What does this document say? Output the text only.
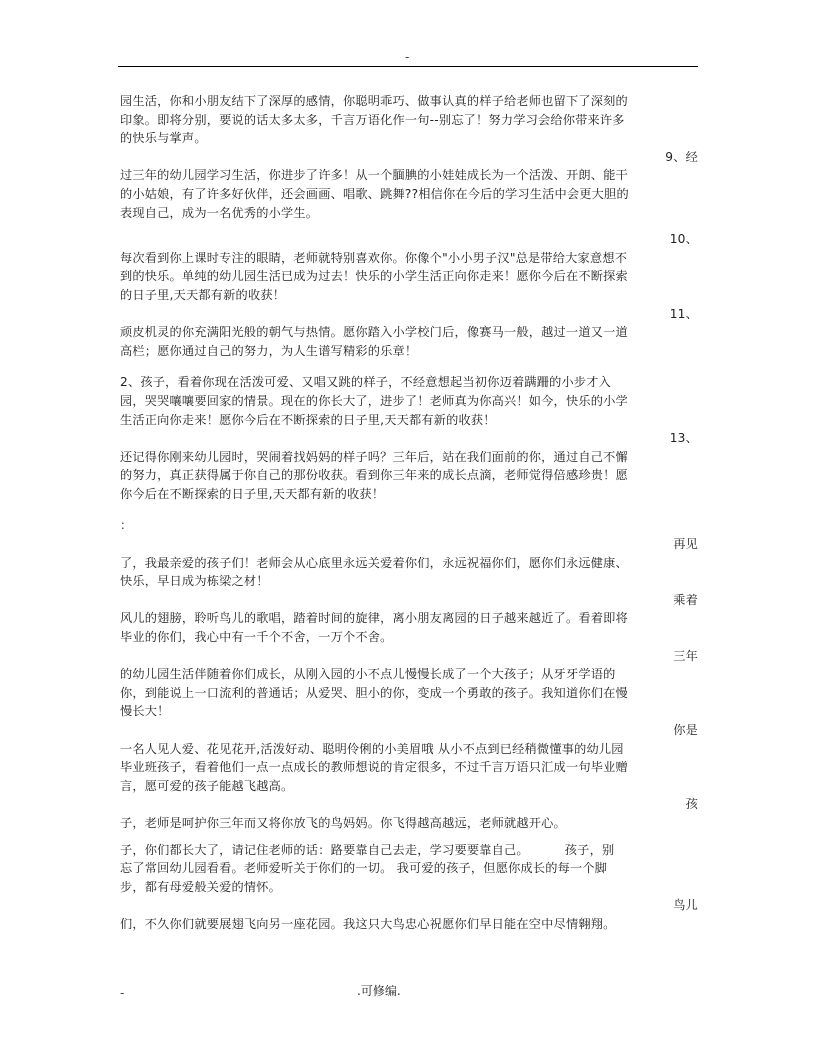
-
园生活，你和小朋友结下了深厚的感情，你聪明乖巧、做事认真的样子给老师也留下了深刻的
印象。即将分别，要说的话太多太多，千言万语化作一句--别忘了！努力学习会给你带来许多
的快乐与掌声。
9、经
过三年的幼儿园学习生活，你进步了许多！从一个腼腆的小娃娃成长为一个活泼、开朗、能干
的小姑娘，有了许多好伙伴，还会画画、唱歌、跳舞??相信你在今后的学习生活中会更大胆的
表现自己，成为一名优秀的小学生。
10、
每次看到你上课时专注的眼睛，老师就特别喜欢你。你像个"小小男子汉"总是带给大家意想不
到的快乐。单纯的幼儿园生活已成为过去！快乐的小学生活正向你走来！愿你今后在不断探索
的日子里,天天都有新的收获！
11、
顽皮机灵的你充满阳光般的朝气与热情。愿你踏入小学校门后，像赛马一般，越过一道又一道
高栏；愿你通过自己的努力，为人生谱写精彩的乐章！
2、孩子，看着你现在活泼可爱、又唱又跳的样子，不经意想起当初你迈着蹒跚的小步才入
园，哭哭嚷嚷要回家的情景。现在的你长大了，进步了！老师真为你高兴！如今，快乐的小学
生活正向你走来！愿你今后在不断探索的日子里,天天都有新的收获！
13、
还记得你刚来幼儿园时，哭闹着找妈妈的样子吗？三年后，站在我们面前的你，通过自己不懈
的努力，真正获得属于你自己的那份收获。看到你三年来的成长点滴，老师觉得倍感珍贵！愿
你今后在不断探索的日子里,天天都有新的收获！
：
再见
了，我最亲爱的孩子们！老师会从心底里永远关爱着你们，永远祝福你们，愿你们永远健康、
快乐，早日成为栋梁之材！
乘着
风儿的翅膀，聆听鸟儿的歌唱，踏着时间的旋律，离小朋友离园的日子越来越近了。看着即将
毕业的你们，我心中有一千个不舍，一万个不舍。
三年
的幼儿园生活伴随着你们成长，从刚入园的小不点儿慢慢长成了一个大孩子；从牙牙学语的
你，到能说上一口流利的普通话；从爱哭、胆小的你，变成一个勇敢的孩子。我知道你们在慢
慢长大！
你是
一名人见人爱、花见花开,活泼好动、聪明伶俐的小美眉哦 从小不点到已经稍微懂事的幼儿园
毕业班孩子，看着他们一点一点成长的教师想说的肯定很多，不过千言万语只汇成一句毕业赠
言，愿可爱的孩子能越飞越高。
孩
子，老师是呵护你三年而又将你放飞的鸟妈妈。你飞得越高越远，老师就越开心。
子，你们都长大了，请记住老师的话：路要靠自己去走，学习要要靠自己。	孩子，别
忘了常回幼儿园看看。老师爱听关于你们的一切。 我可爱的孩子，但愿你成长的每一个脚
步，都有母爱般关爱的情怀。
鸟儿
们，不久你们就要展翅飞向另一座花园。我这只大鸟忠心祝愿你们早日能在空中尽情翱翔。
-	.可修编.
